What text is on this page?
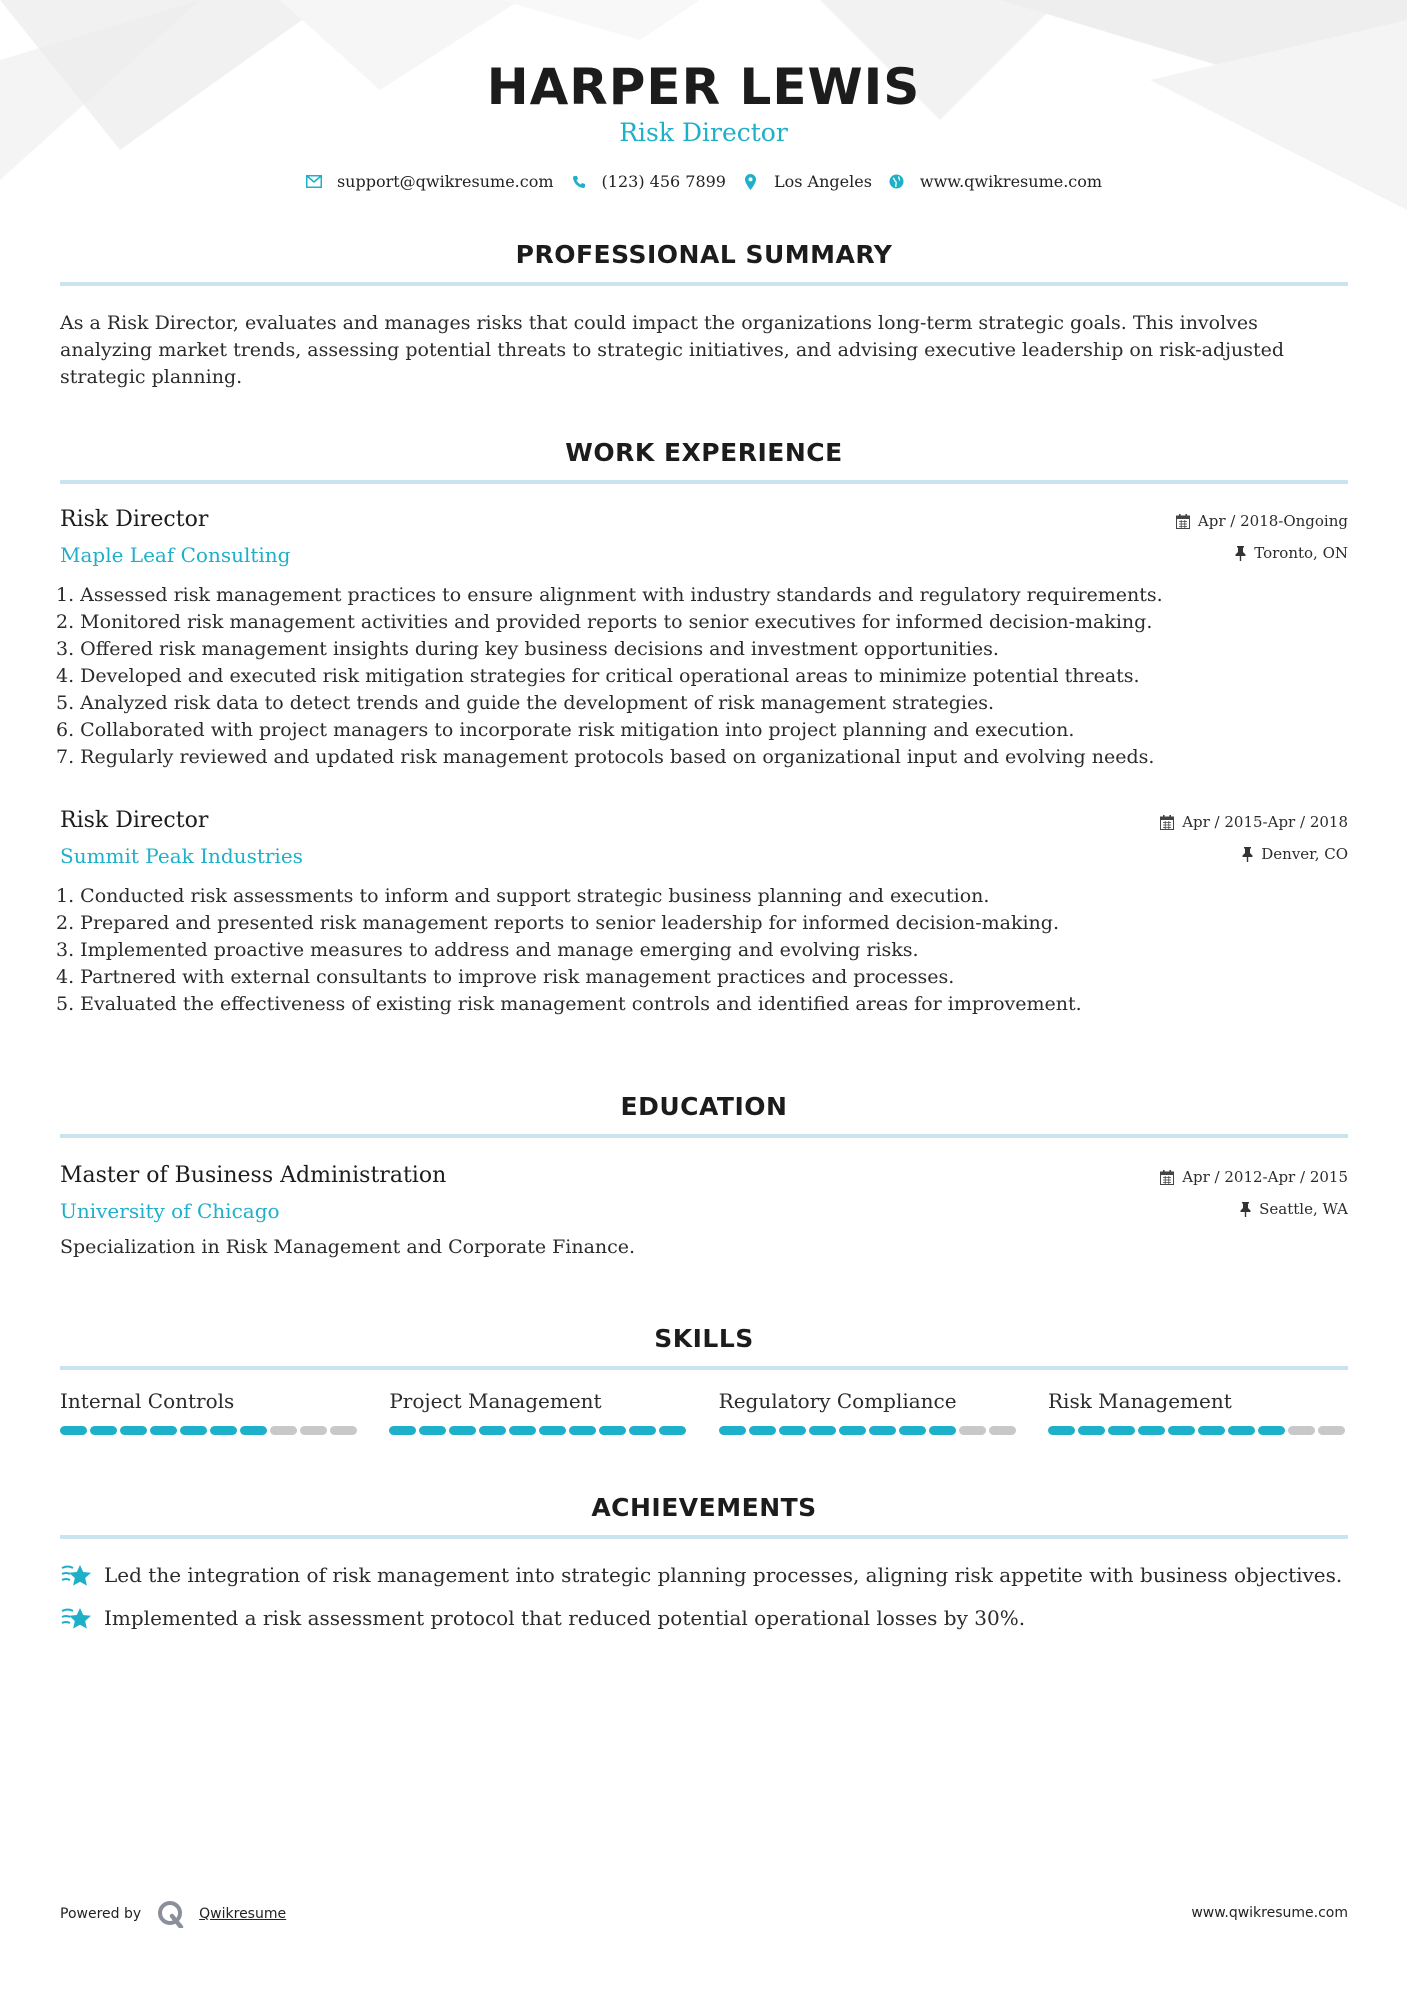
HARPER LEWIS
Risk Director
support@qwikresume.com	(123) 456 7899	Los Angeles	www.qwikresume.com
PROFESSIONAL SUMMARY
As a Risk Director, evaluates and manages risks that could impact the organizations long-term strategic goals. This involves analyzing market trends, assessing potential threats to strategic initiatives, and advising executive leadership on risk-adjusted strategic planning.
WORK EXPERIENCE
Risk Director
Maple Leaf Consulting
Apr / 2018-Ongoing
Toronto, ON
1. Assessed risk management practices to ensure alignment with industry standards and regulatory requirements.
2. Monitored risk management activities and provided reports to senior executives for informed decision-making.
3. Offered risk management insights during key business decisions and investment opportunities.
4. Developed and executed risk mitigation strategies for critical operational areas to minimize potential threats.
5. Analyzed risk data to detect trends and guide the development of risk management strategies.
6. Collaborated with project managers to incorporate risk mitigation into project planning and execution.
7. Regularly reviewed and updated risk management protocols based on organizational input and evolving needs.
Risk Director
Summit Peak Industries
Apr / 2015-Apr / 2018
Denver, CO
1. Conducted risk assessments to inform and support strategic business planning and execution.
2. Prepared and presented risk management reports to senior leadership for informed decision-making.
3. Implemented proactive measures to address and manage emerging and evolving risks.
4. Partnered with external consultants to improve risk management practices and processes.
5. Evaluated the effectiveness of existing risk management controls and identified areas for improvement.
EDUCATION
Master of Business Administration
University of Chicago
Apr / 2012-Apr / 2015
Seattle, WA
Specialization in Risk Management and Corporate Finance.
SKILLS
Internal Controls	Project Management	Regulatory Compliance	Risk Management
ACHIEVEMENTS
Led the integration of risk management into strategic planning processes, aligning risk appetite with business objectives.
Implemented a risk assessment protocol that reduced potential operational losses by 30%.
Powered by	Qwikresume	www.qwikresume.com
